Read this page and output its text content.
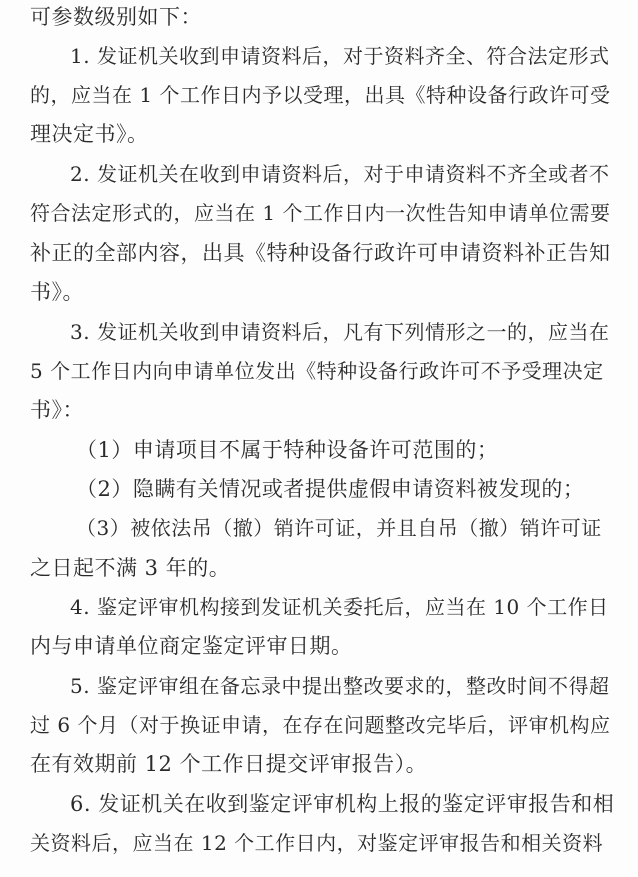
可参数级别如下：
1. 发证机关收到申请资料后，对于资料齐全、符合法定形式
的，应当在 1 个工作日内予以受理，出具《特种设备行政许可受
理决定书》。
2. 发证机关在收到申请资料后，对于申请资料不齐全或者不
符合法定形式的，应当在 1 个工作日内一次性告知申请单位需要
补正的全部内容，出具《特种设备行政许可申请资料补正告知
书》。
3. 发证机关收到申请资料后，凡有下列情形之一的，应当在
5 个工作日内向申请单位发出《特种设备行政许可不予受理决定
书》：
（1）申请项目不属于特种设备许可范围的；
（2）隐瞒有关情况或者提供虚假申请资料被发现的；
（3）被依法吊（撤）销许可证，并且自吊（撤）销许可证
之日起不满 3 年的。
4. 鉴定评审机构接到发证机关委托后，应当在 10 个工作日
内与申请单位商定鉴定评审日期。
5. 鉴定评审组在备忘录中提出整改要求的，整改时间不得超
过 6 个月（对于换证申请，在存在问题整改完毕后，评审机构应
在有效期前 12 个工作日提交评审报告）。
6. 发证机关在收到鉴定评审机构上报的鉴定评审报告和相
关资料后，应当在 12 个工作日内，对鉴定评审报告和相关资料
